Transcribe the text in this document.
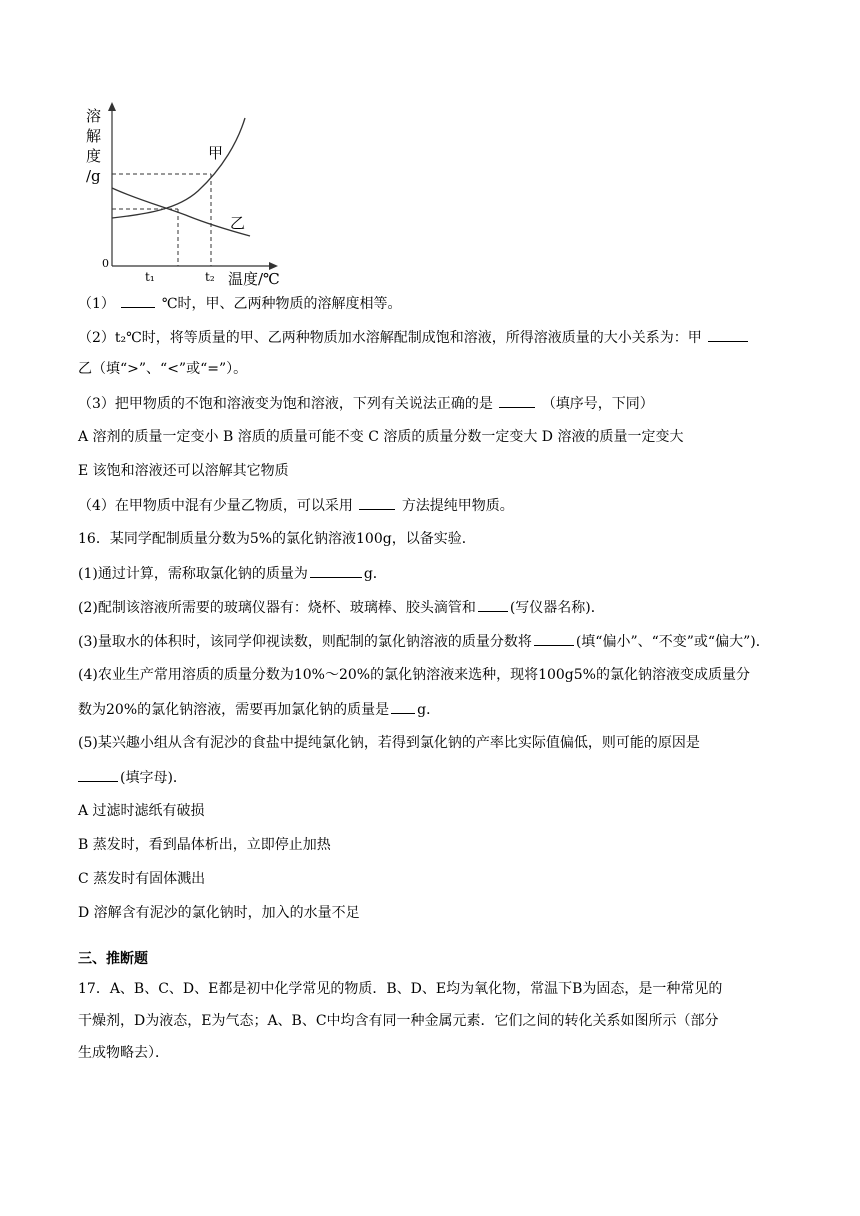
溶
解
度
/g
0
t₁	t₂ 温度/℃
甲
乙
（1）	℃时，甲、乙两种物质的溶解度相等。
（2）t₂℃时，将等质量的甲、乙两种物质加水溶解配制成饱和溶液，所得溶液质量的大小关系为：甲
乙（填“>”、“<”或“=”）。
（3）把甲物质的不饱和溶液变为饱和溶液，下列有关说法正确的是	（填序号，下同）
A 溶剂的质量一定变小 B 溶质的质量可能不变 C 溶质的质量分数一定变大 D 溶液的质量一定变大
E 该饱和溶液还可以溶解其它物质
（4）在甲物质中混有少量乙物质，可以采用	方法提纯甲物质。
16．某同学配制质量分数为5%的氯化钠溶液100g，以备实验．
(1)通过计算，需称取氯化钠的质量为	g．
(2)配制该溶液所需要的玻璃仪器有：烧杯、玻璃棒、胶头滴管和 (写仪器名称)．
(3)量取水的体积时，该同学仰视读数，则配制的氯化钠溶液的质量分数将	(填“偏小”、“不变”或“偏大”)．
(4)农业生产常用溶质的质量分数为10%～20%的氯化钠溶液来选种，现将100g5%的氯化钠溶液变成质量分
数为20%的氯化钠溶液，需要再加氯化钠的质量是 g．
(5)某兴趣小组从含有泥沙的食盐中提纯氯化钠，若得到氯化钠的产率比实际值偏低，则可能的原因是
(填字母)．
A 过滤时滤纸有破损
B 蒸发时，看到晶体析出，立即停止加热
C 蒸发时有固体溅出
D 溶解含有泥沙的氯化钠时，加入的水量不足
三、推断题
17．A、B、C、D、E都是初中化学常见的物质．B、D、E均为氧化物，常温下B为固态，是一种常见的
干燥剂，D为液态，E为气态；A、B、C中均含有同一种金属元素．它们之间的转化关系如图所示（部分
生成物略去）．
